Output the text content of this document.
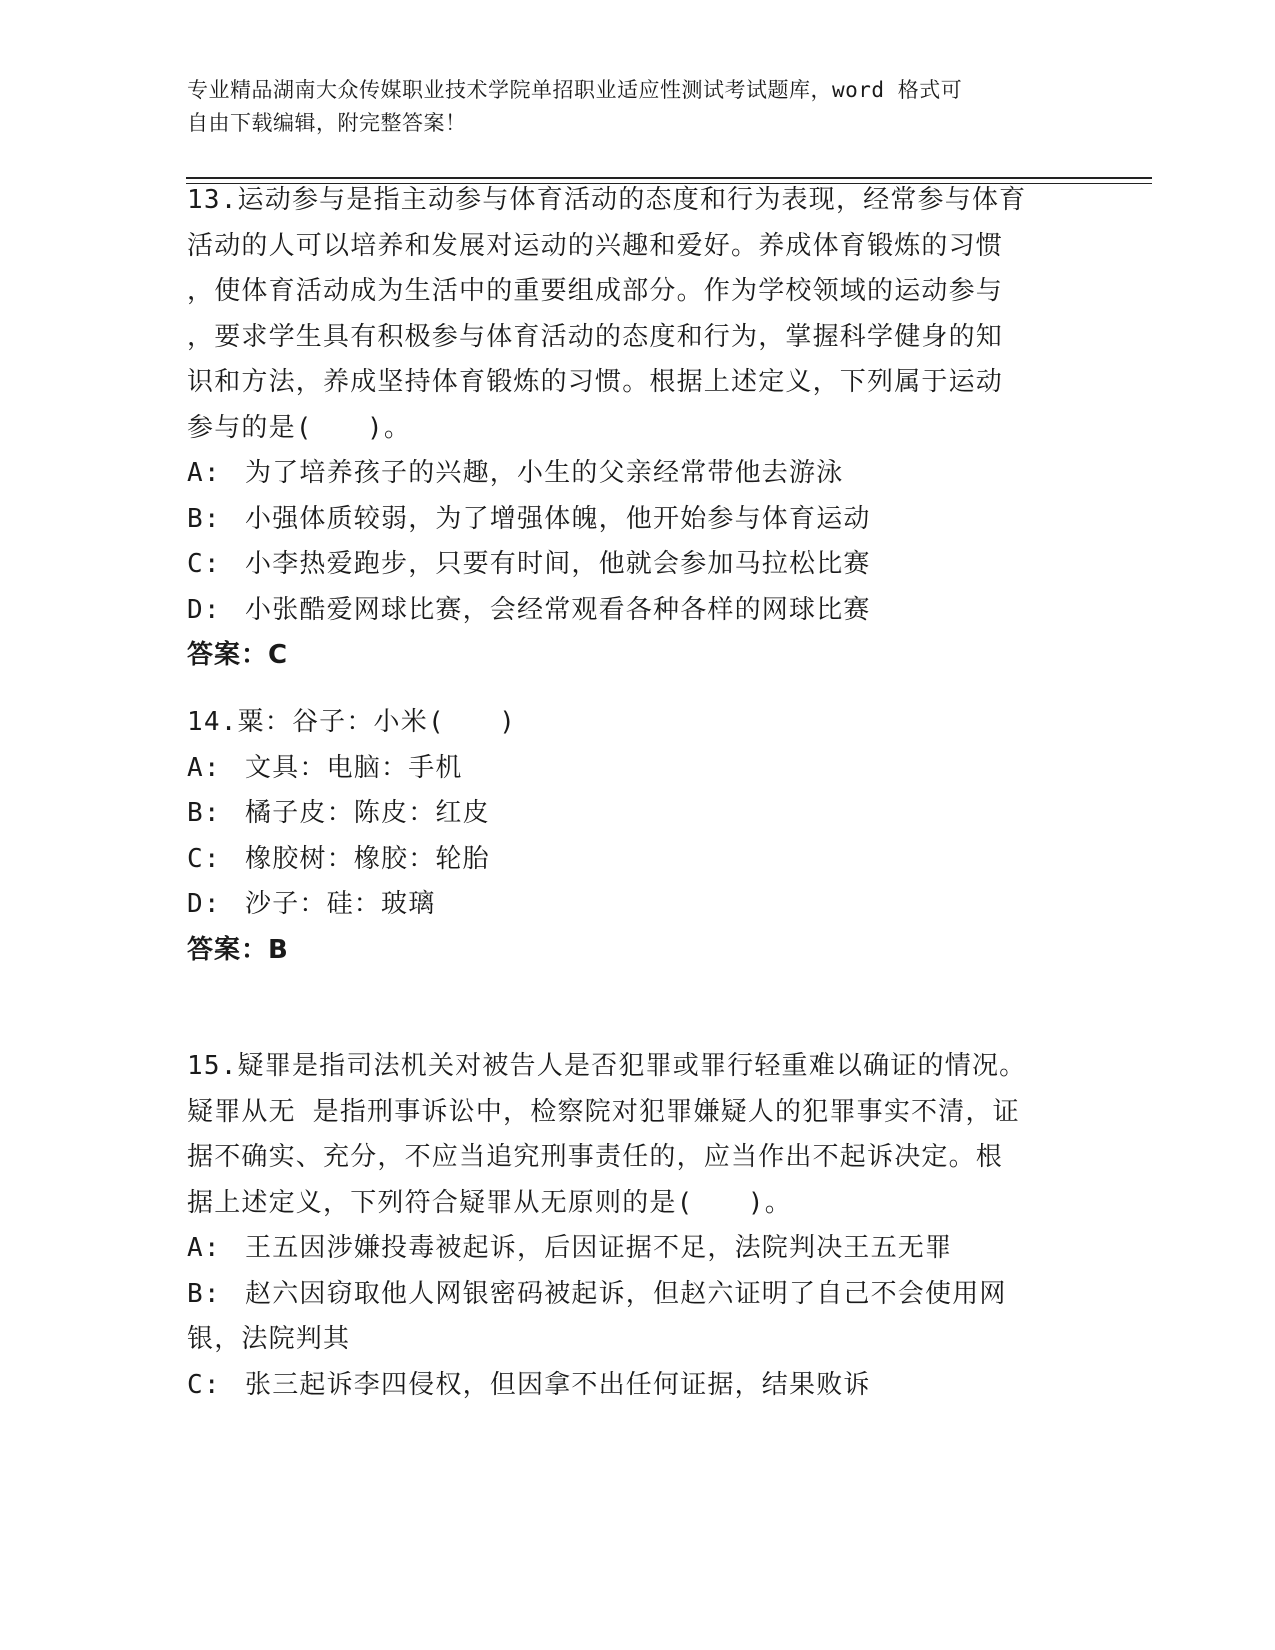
专业精品湖南大众传媒职业技术学院单招职业适应性测试考试题库，word 格式可
自由下载编辑，附完整答案！

13.运动参与是指主动参与体育活动的态度和行为表现，经常参与体育
活动的人可以培养和发展对运动的兴趣和爱好。养成体育锻炼的习惯
，使体育活动成为生活中的重要组成部分。作为学校领域的运动参与
，要求学生具有积极参与体育活动的态度和行为，掌握科学健身的知
识和方法，养成坚持体育锻炼的习惯。根据上述定义，下列属于运动
参与的是(　　)。

A: 为了培养孩子的兴趣，小生的父亲经常带他去游泳

B: 小强体质较弱，为了增强体魄，他开始参与体育运动

C: 小李热爱跑步，只要有时间，他就会参加马拉松比赛

D: 小张酷爱网球比赛，会经常观看各种各样的网球比赛

答案：C

14.粟：谷子：小米(　　)

A: 文具：电脑：手机

B: 橘子皮：陈皮：红皮

C: 橡胶树：橡胶：轮胎

D: 沙子：硅：玻璃

答案：B

15.疑罪是指司法机关对被告人是否犯罪或罪行轻重难以确证的情况。
疑罪从无 是指刑事诉讼中，检察院对犯罪嫌疑人的犯罪事实不清，证
据不确实、充分，不应当追究刑事责任的，应当作出不起诉决定。根
据上述定义，下列符合疑罪从无原则的是(　　)。

A: 王五因涉嫌投毒被起诉，后因证据不足，法院判决王五无罪

B: 赵六因窃取他人网银密码被起诉，但赵六证明了自己不会使用网

银，法院判其

C: 张三起诉李四侵权，但因拿不出任何证据，结果败诉
